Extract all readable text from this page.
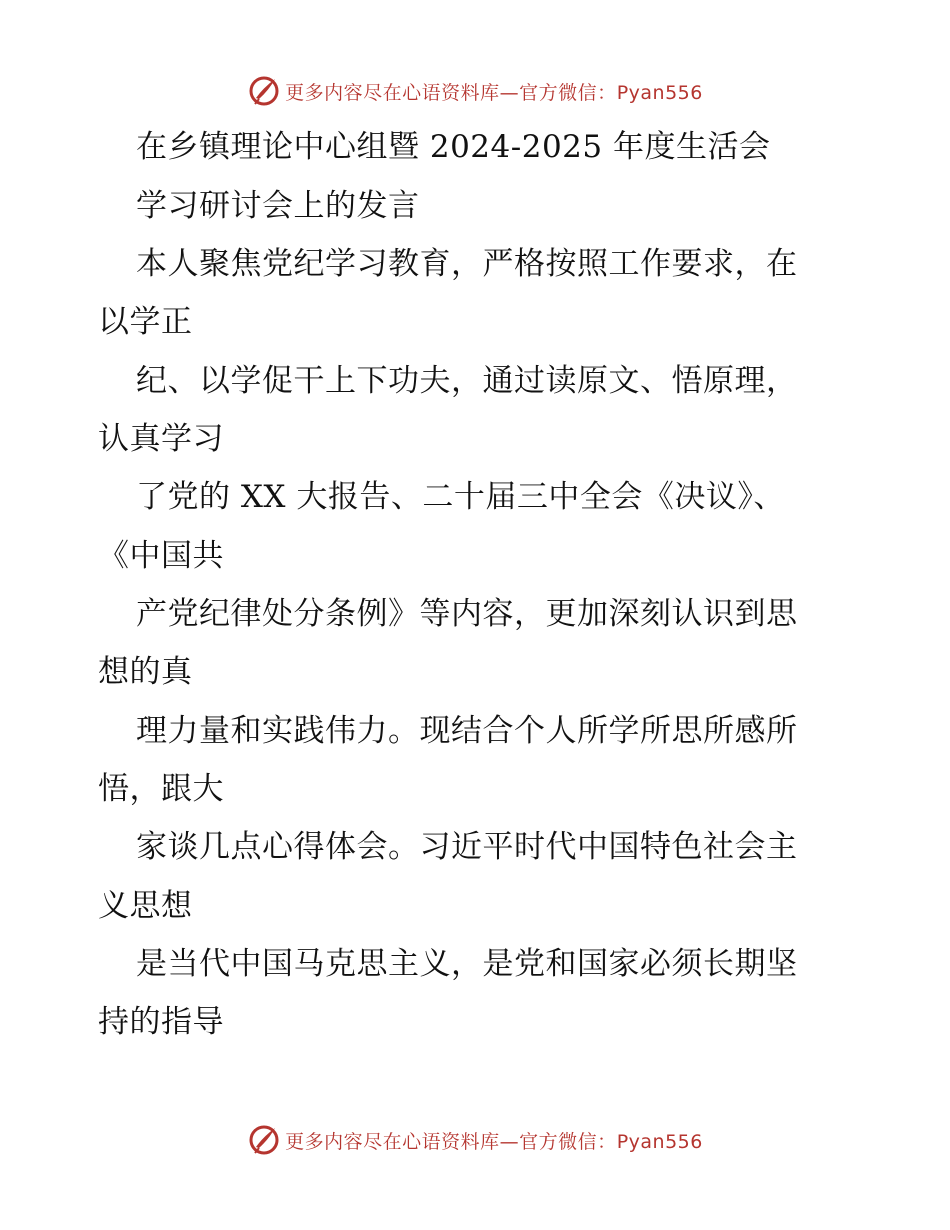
更多内容尽在心语资料库—官方微信：Pyan556
在乡镇理论中心组暨 2024-2025 年度生活会
学习研讨会上的发言
本人聚焦党纪学习教育，严格按照工作要求，在
以学正
纪、以学促干上下功夫，通过读原文、悟原理，
认真学习
了党的 XX 大报告、二十届三中全会《决议》、
《中国共
产党纪律处分条例》等内容，更加深刻认识到思
想的真
理力量和实践伟力。现结合个人所学所思所感所
悟，跟大
家谈几点心得体会。习近平时代中国特色社会主
义思想
是当代中国马克思主义，是党和国家必须长期坚
持的指导
更多内容尽在心语资料库—官方微信：Pyan556
